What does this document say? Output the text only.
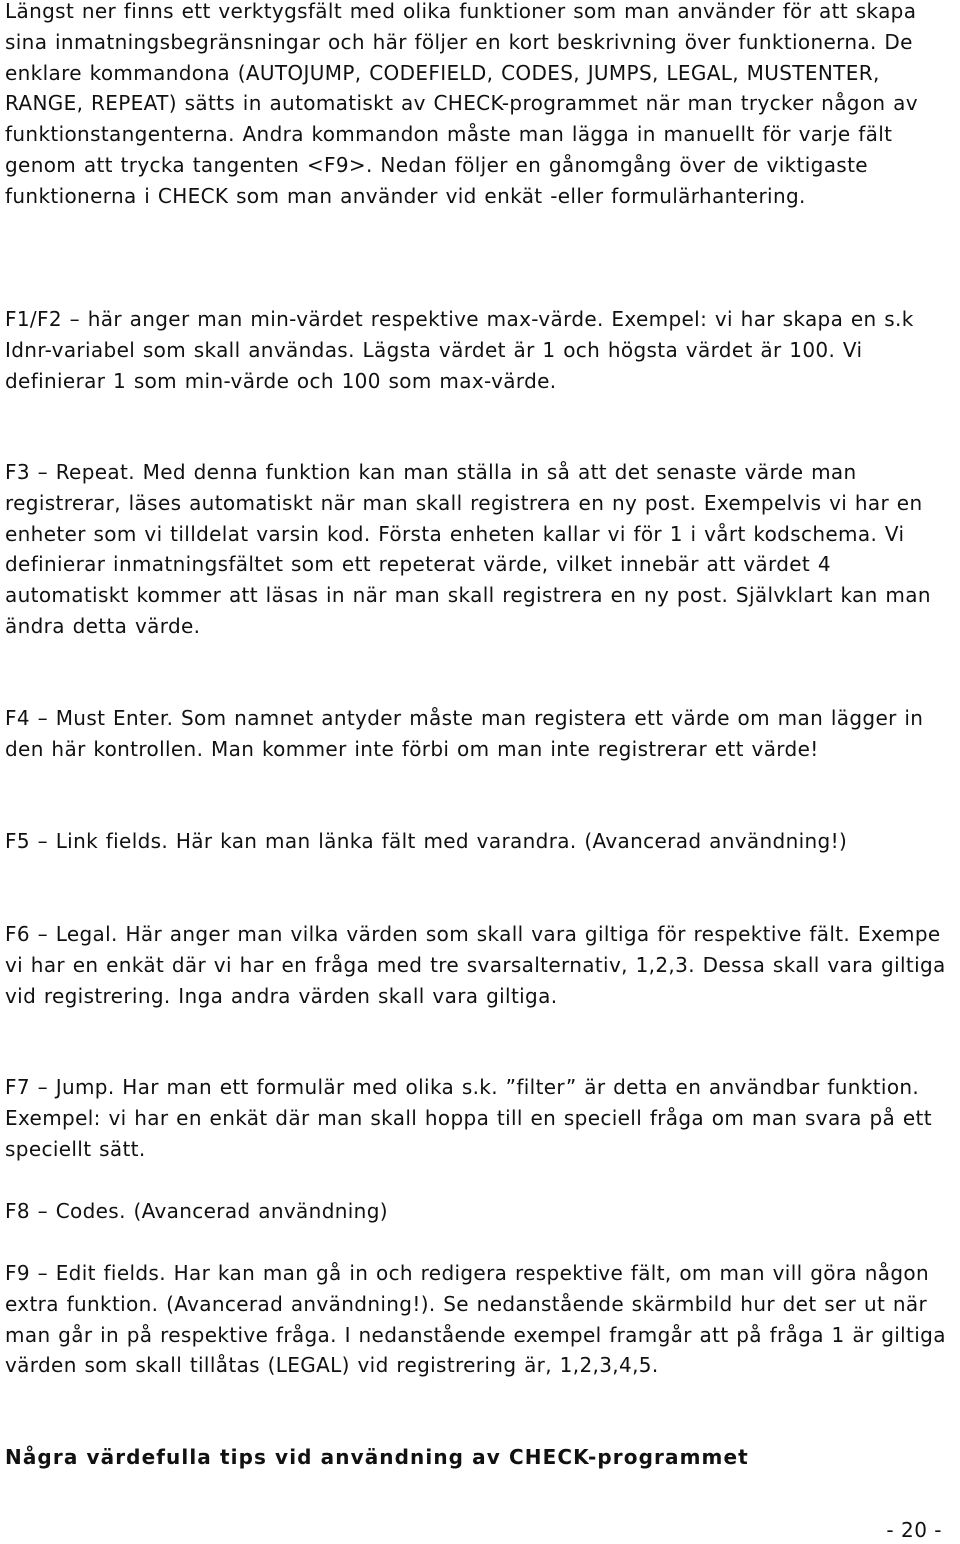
Längst ner finns ett verktygsfält med olika funktioner som man använder för att skapa sina inmatningsbegränsningar och här följer en kort beskrivning över funktionerna. De enklare kommandona (AUTOJUMP, CODEFIELD, CODES, JUMPS, LEGAL, MUSTENTER, RANGE, REPEAT) sätts in automatiskt av CHECK-programmet när man trycker någon av funktionstangenterna. Andra kommandon måste man lägga in manuellt för varje fält genom att trycka tangenten <F9>. Nedan följer en gånomgång över de viktigaste funktionerna i CHECK som man använder vid enkät -eller formulärhantering.

F1/F2 – här anger man min-värdet respektive max-värde. Exempel: vi har skapa en s.k Idnr-variabel som skall användas. Lägsta värdet är 1 och högsta värdet är 100. Vi definierar 1 som min-värde och 100 som max-värde.

F3 – Repeat. Med denna funktion kan man ställa in så att det senaste värde man registrerar, läses automatiskt när man skall registrera en ny post. Exempelvis vi har en enheter som vi tilldelat varsin kod. Första enheten kallar vi för 1 i vårt kodschema. Vi definierar inmatningsfältet som ett repeterat värde, vilket innebär att värdet 4 automatiskt kommer att läsas in när man skall registrera en ny post. Självklart kan man ändra detta värde.

F4 – Must Enter. Som namnet antyder måste man registera ett värde om man lägger in den här kontrollen. Man kommer inte förbi om man inte registrerar ett värde!

F5 – Link fields. Här kan man länka fält med varandra. (Avancerad användning!)

F6 – Legal. Här anger man vilka värden som skall vara giltiga för respektive fält. Exempe vi har en enkät där vi har en fråga med tre svarsalternativ, 1,2,3. Dessa skall vara giltiga vid registrering. Inga andra värden skall vara giltiga.

F7 – Jump. Har man ett formulär med olika s.k. ”filter” är detta en användbar funktion. Exempel: vi har en enkät där man skall hoppa till en speciell fråga om man svara på ett speciellt sätt.

F8 – Codes. (Avancerad användning)

F9 – Edit fields. Har kan man gå in och redigera respektive fält, om man vill göra någon extra funktion. (Avancerad användning!). Se nedanstående skärmbild hur det ser ut när man går in på respektive fråga. I nedanstående exempel framgår att på fråga 1 är giltiga värden som skall tillåtas (LEGAL) vid registrering är, 1,2,3,4,5.

Några värdefulla tips vid användning av CHECK-programmet

- 20 -
